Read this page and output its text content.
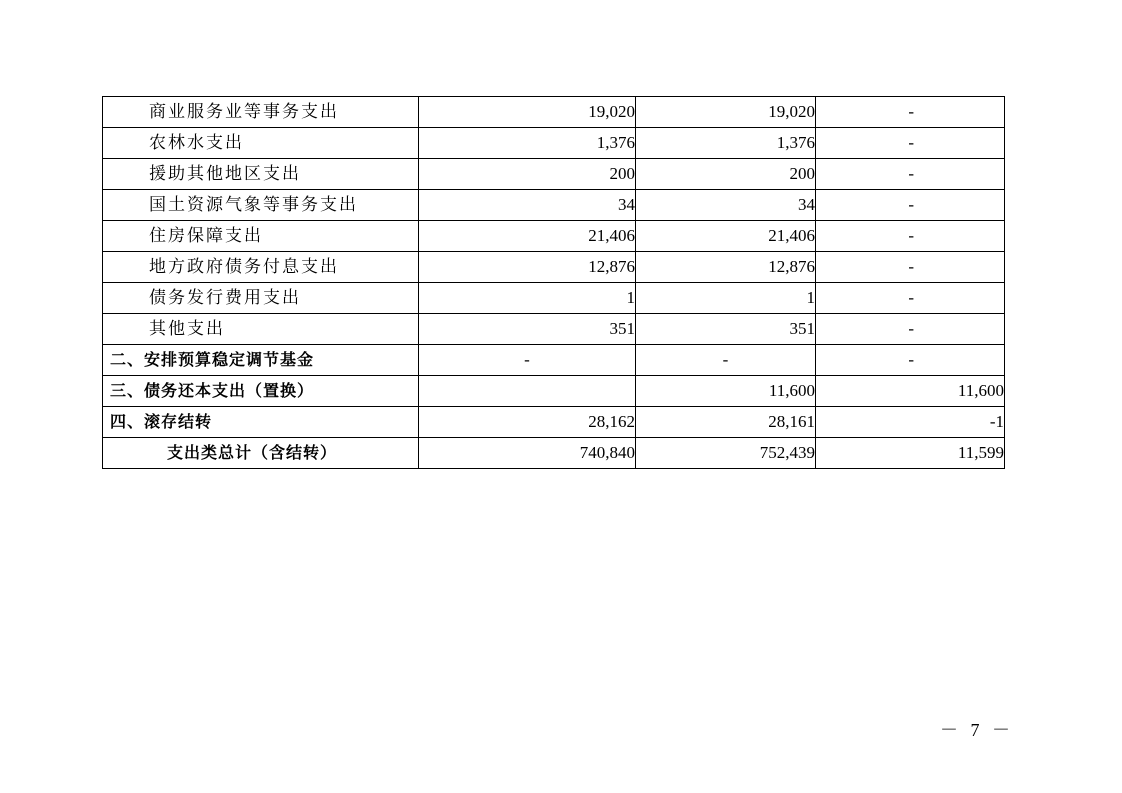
商业服务业等事务支出	19,020	19,020	-
农林水支出	1,376	1,376	-
援助其他地区支出	200	200	-
国土资源气象等事务支出	34	34	-
住房保障支出	21,406	21,406	-
地方政府债务付息支出	12,876	12,876	-
债务发行费用支出	1	1	-
其他支出	351	351	-
二、安排预算稳定调节基金	-	-	-
三、债务还本支出（置换）		11,600	11,600
四、滚存结转	28,162	28,161	-1
支出类总计（含结转）	740,840	752,439	11,599
－ 7 －
